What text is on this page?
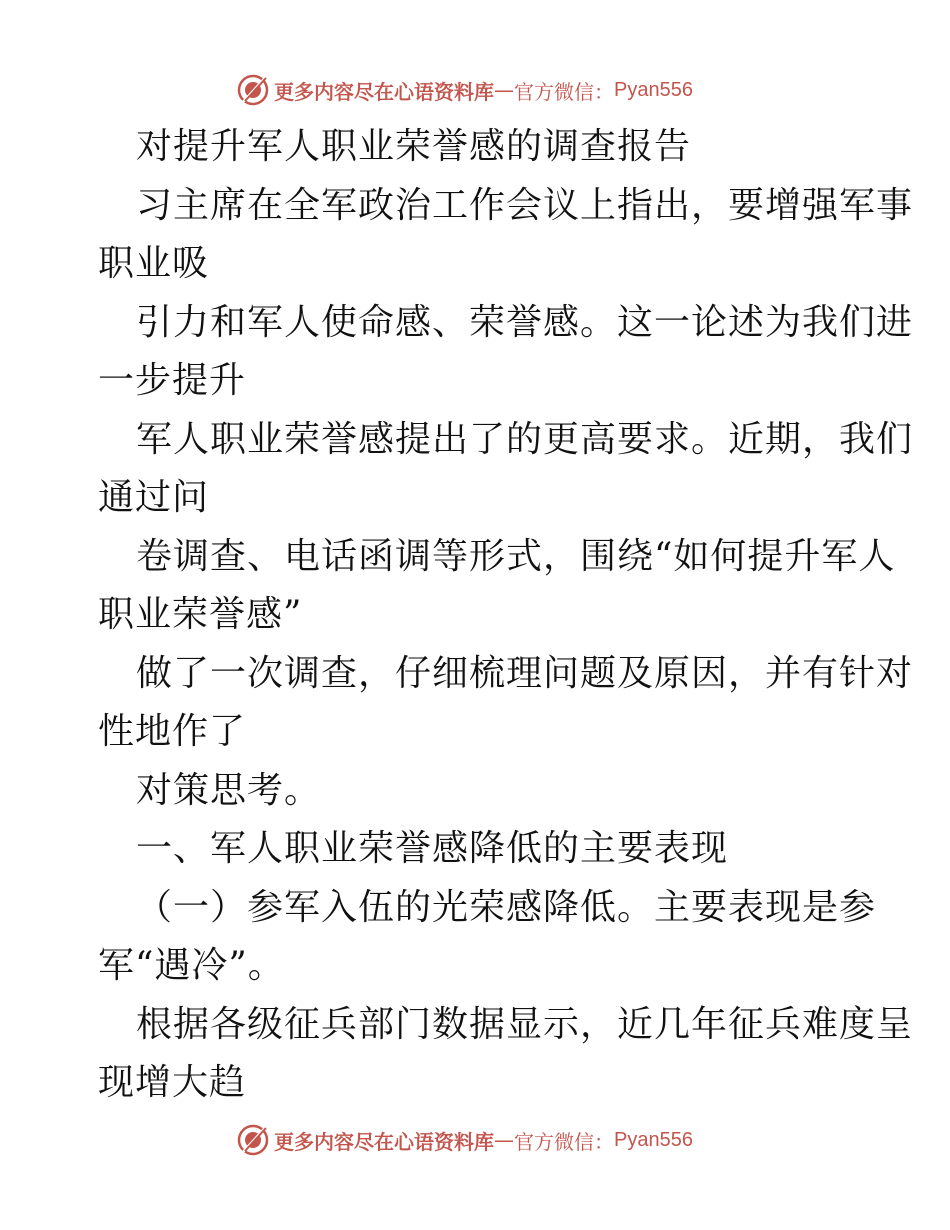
更多内容尽在心语资料库 — 官方微信： Pyan556
对提升军人职业荣誉感的调查报告
习主席在全军政治工作会议上指出，要增强军事
职业吸
引力和军人使命感、荣誉感。这一论述为我们进
一步提升
军人职业荣誉感提出了的更高要求。近期，我们
通过问
卷调查、电话函调等形式，围绕“如何提升军人
职业荣誉感”
做了一次调查，仔细梳理问题及原因，并有针对
性地作了
对策思考。
一、军人职业荣誉感降低的主要表现
（一）参军入伍的光荣感降低。主要表现是参
军“遇冷”。
根据各级征兵部门数据显示，近几年征兵难度呈
现增大趋
更多内容尽在心语资料库 — 官方微信： Pyan556
